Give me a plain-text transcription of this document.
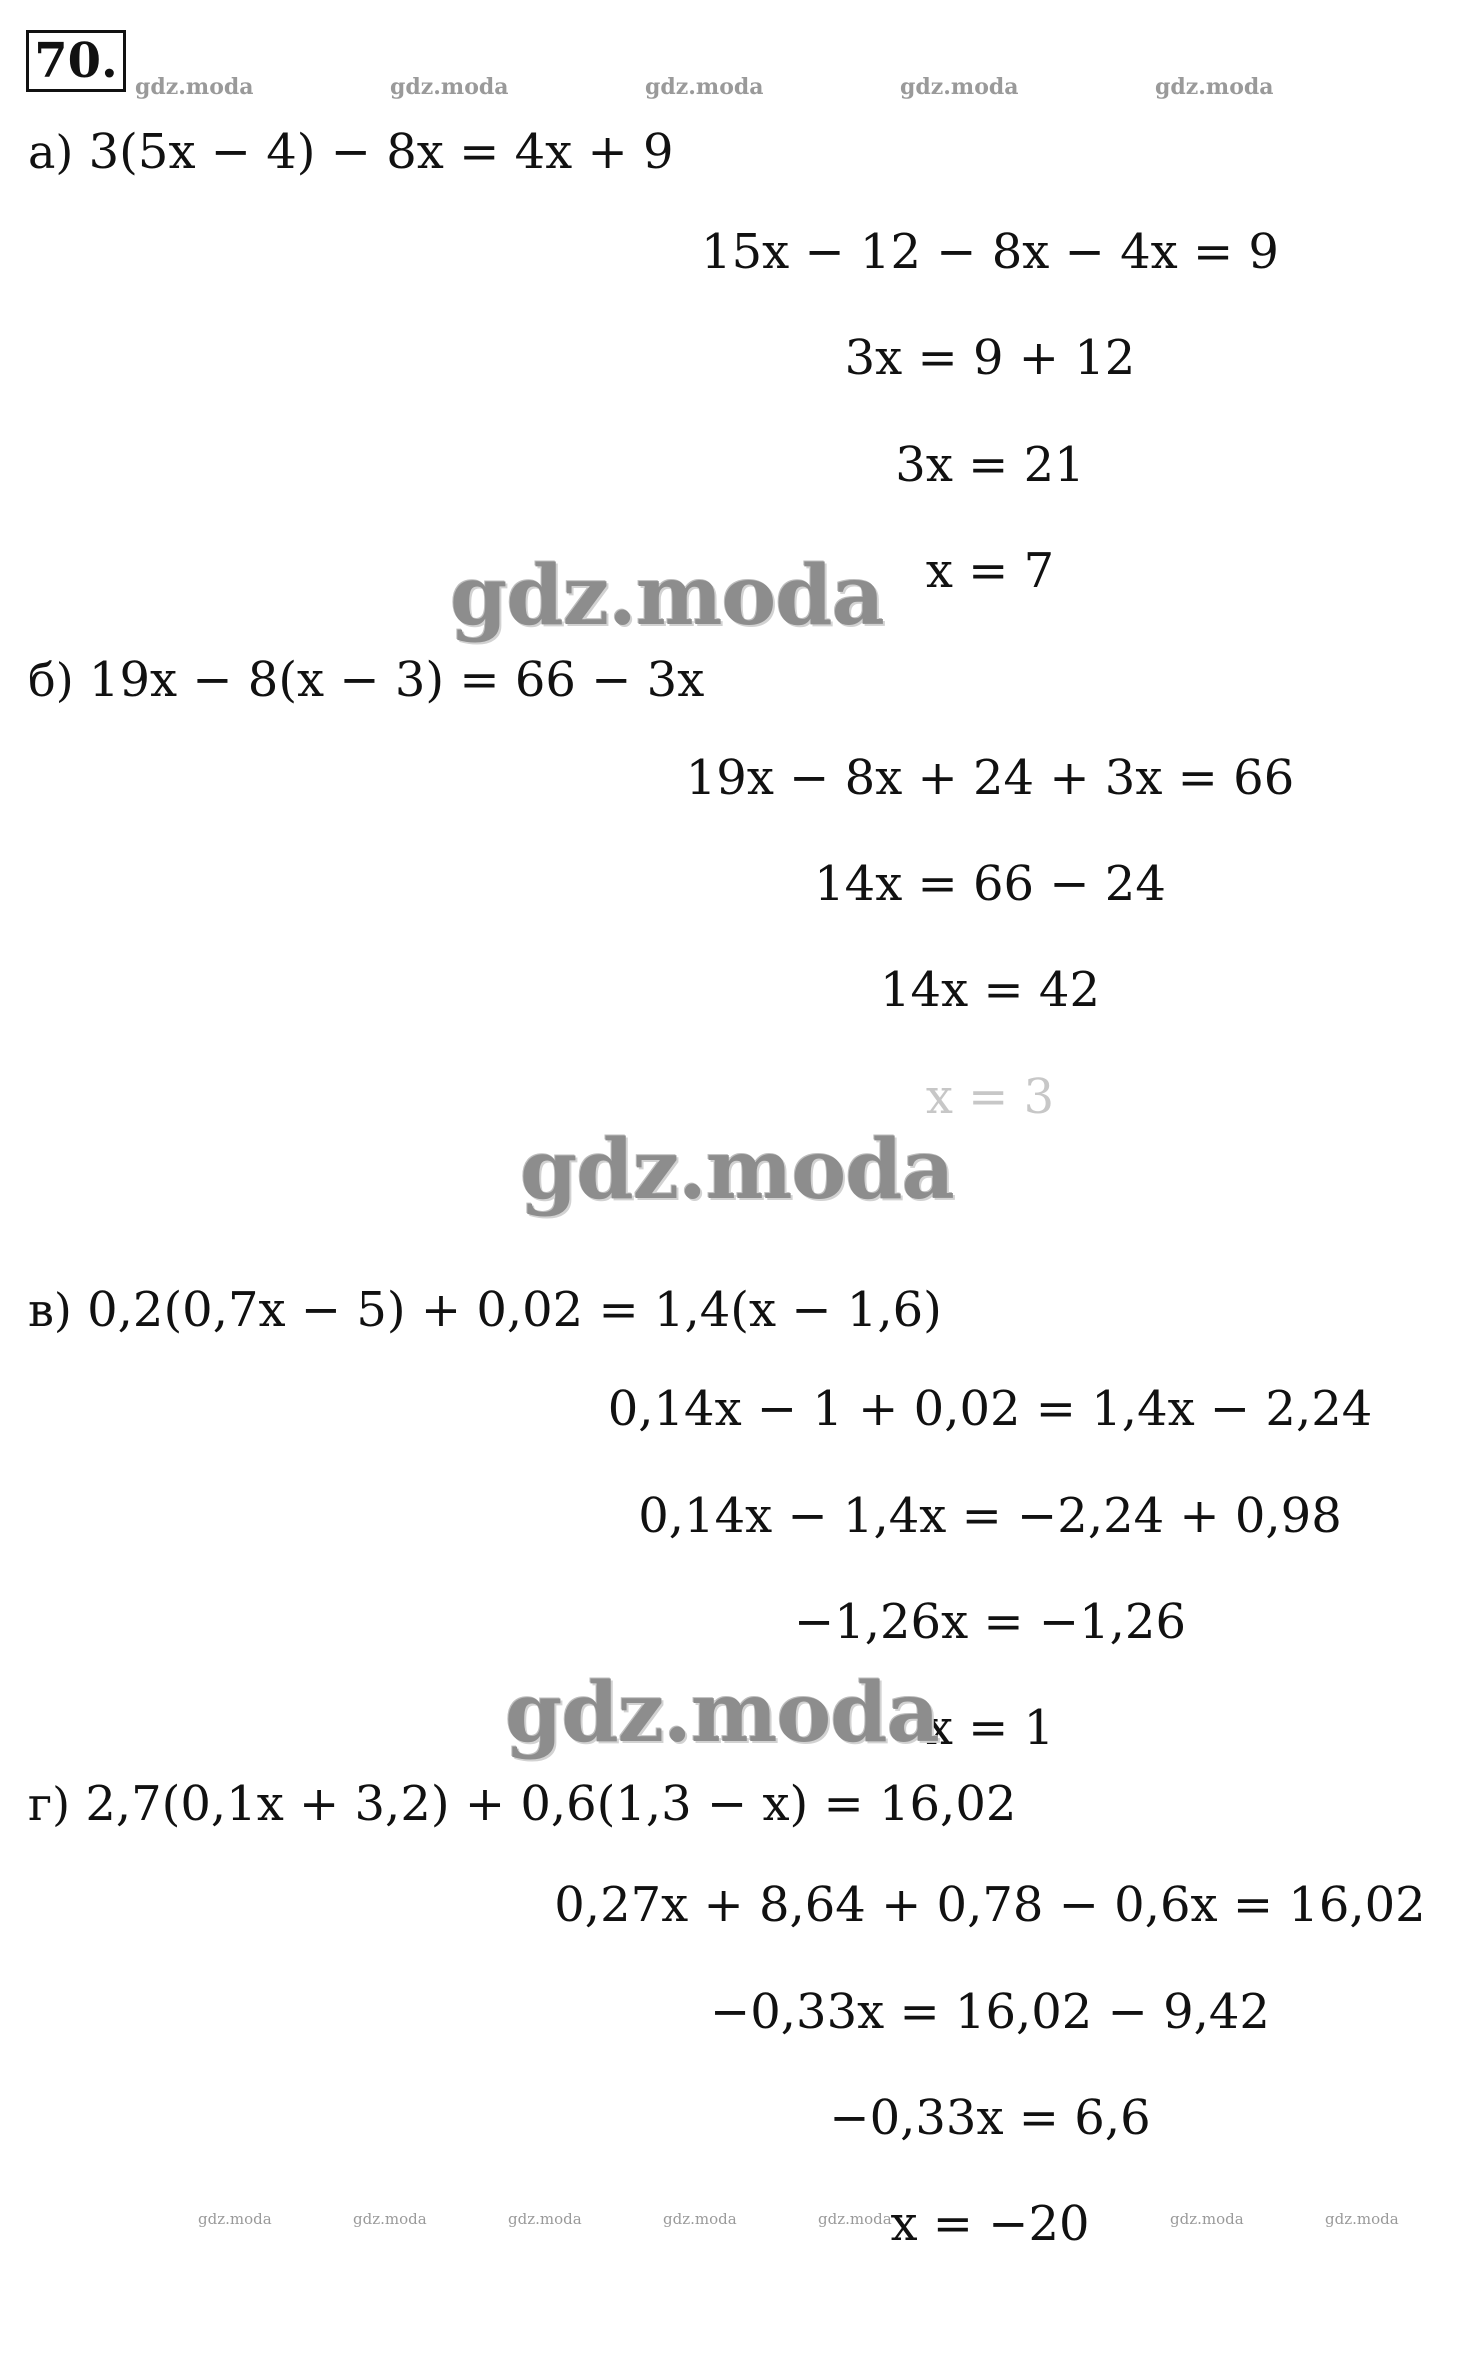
70. gdz.moda	gdz.moda	gdz.moda	gdz.moda	gdz.moda
а) 3(5x − 4) − 8x = 4x + 9
15x − 12 − 8x − 4x = 9
3x = 9 + 12
3x = 21
x = 7
gdz.moda
б) 19x − 8(x − 3) = 66 − 3x
19x − 8x + 24 + 3x = 66
14x = 66 − 24
14x = 42
x = 3
gdz.moda
в) 0,2(0,7x − 5) + 0,02 = 1,4(x − 1,6)
0,14x − 1 + 0,02 = 1,4x − 2,24
0,14x − 1,4x = −2,24 + 0,98
−1,26x = −1,26
x = 1
gdz.moda
г) 2,7(0,1x + 3,2) + 0,6(1,3 − x) = 16,02
0,27x + 8,64 + 0,78 − 0,6x = 16,02
−0,33x = 16,02 − 9,42
−0,33x = 6,6
x = −20
gdz.moda	gdz.moda	gdz.moda	gdz.moda	gdz.moda	gdz.moda	gdz.moda
